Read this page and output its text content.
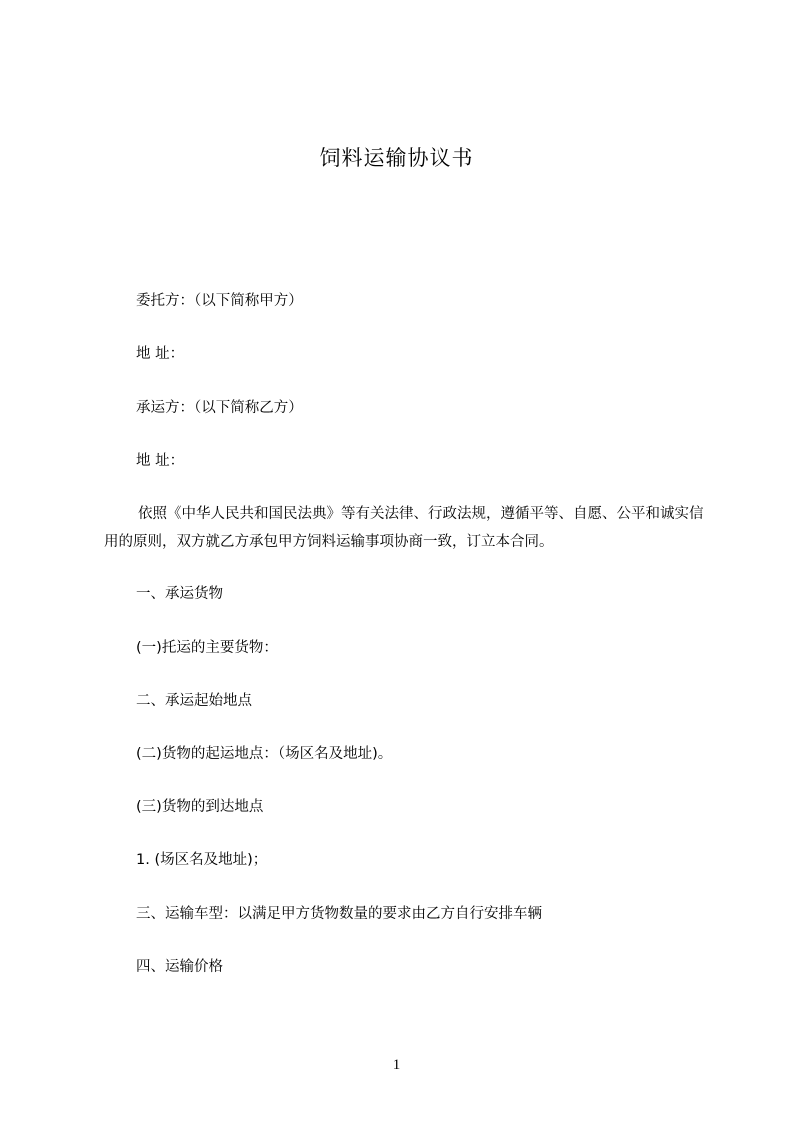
饲料运输协议书
委托方：（以下简称甲方）
地 址：
承运方：（以下简称乙方）
地 址：
依照《中华人民共和国民法典》等有关法律、行政法规，遵循平等、自愿、公平和诚实信用的原则，双方就乙方承包甲方饲料运输事项协商一致，订立本合同。
一、承运货物
(一)托运的主要货物：
二、承运起始地点
(二)货物的起运地点：（场区名及地址)。
(三)货物的到达地点
1. (场区名及地址)；
三、运输车型：以满足甲方货物数量的要求由乙方自行安排车辆
四、运输价格
1
